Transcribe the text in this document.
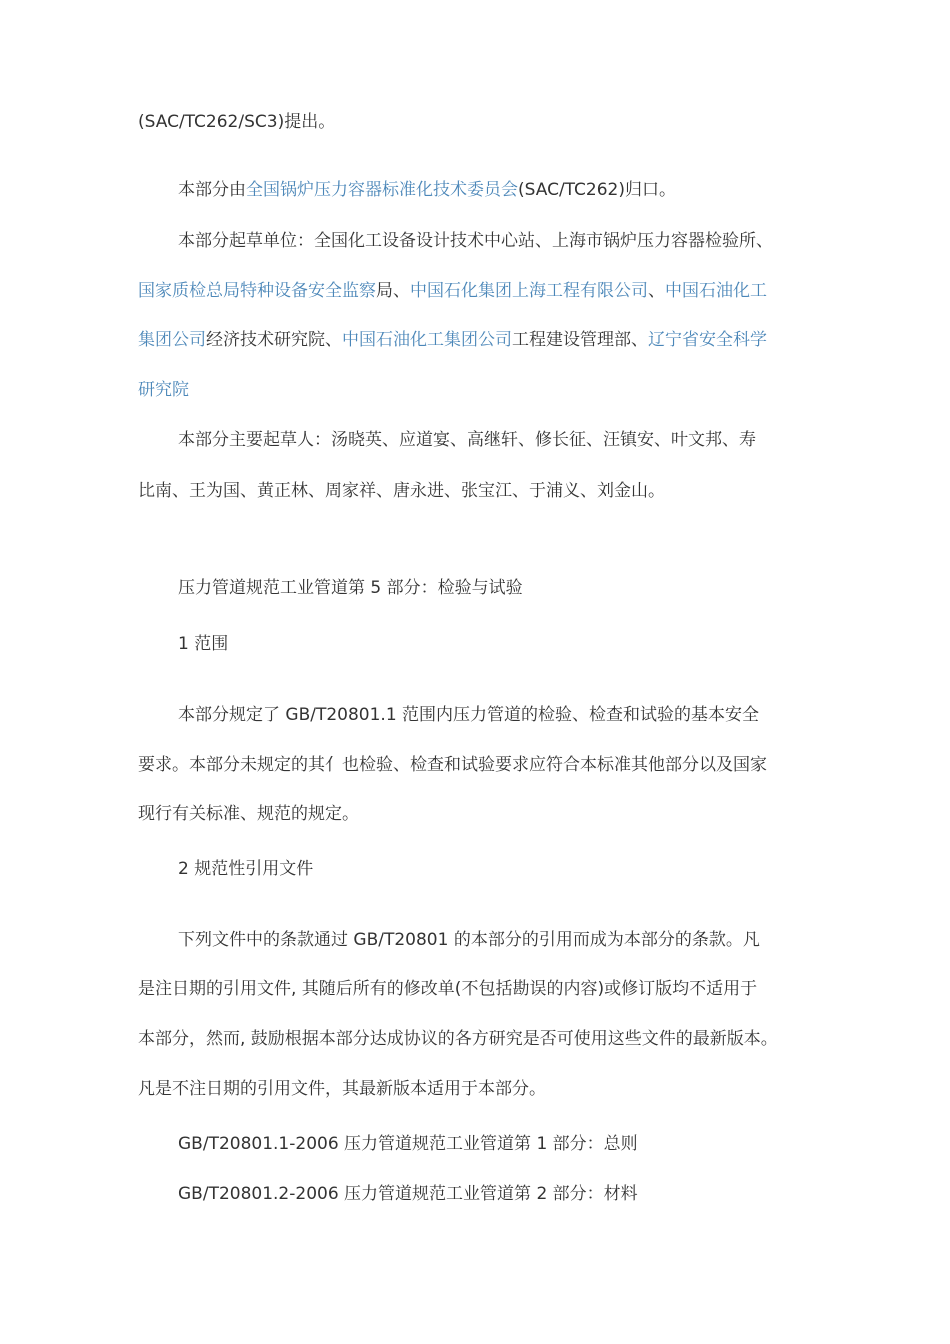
(SAC/TC262/SC3)提出。
本部分由全国锅炉压力容器标准化技术委员会(SAC/TC262)归口。
本部分起草单位：全国化工设备设计技术中心站、上海市锅炉压力容器检验所、
国家质检总局特种设备安全监察局、中国石化集团上海工程有限公司、中国石油化工
集团公司经济技术研究院、中国石油化工集团公司工程建设管理部、辽宁省安全科学
研究院
本部分主要起草人：汤晓英、应道宴、高继轩、修长征、汪镇安、叶文邦、寿
比南、王为国、黄正林、周家祥、唐永进、张宝江、于浦义、刘金山。
压力管道规范工业管道第 5 部分：检验与试验
1 范围
本部分规定了 GB/T20801.1 范围内压力管道的检验、检查和试验的基本安全
要求。本部分未规定的其亻也检验、检查和试验要求应符合本标准其他部分以及国家
现行有关标准、规范的规定。
2 规范性引用文件
下列文件中的条款通过 GB/T20801 的本部分的引用而成为本部分的条款。凡
是注日期的引用文件, 其随后所有的修改单(不包括勘误的内容)或修订版均不适用于
本部分，然而, 鼓励根据本部分达成协议的各方研究是否可使用这些文件的最新版本。
凡是不注日期的引用文件，其最新版本适用于本部分。
GB/T20801.1-2006 压力管道规范工业管道第 1 部分：总则
GB/T20801.2-2006 压力管道规范工业管道第 2 部分：材料
